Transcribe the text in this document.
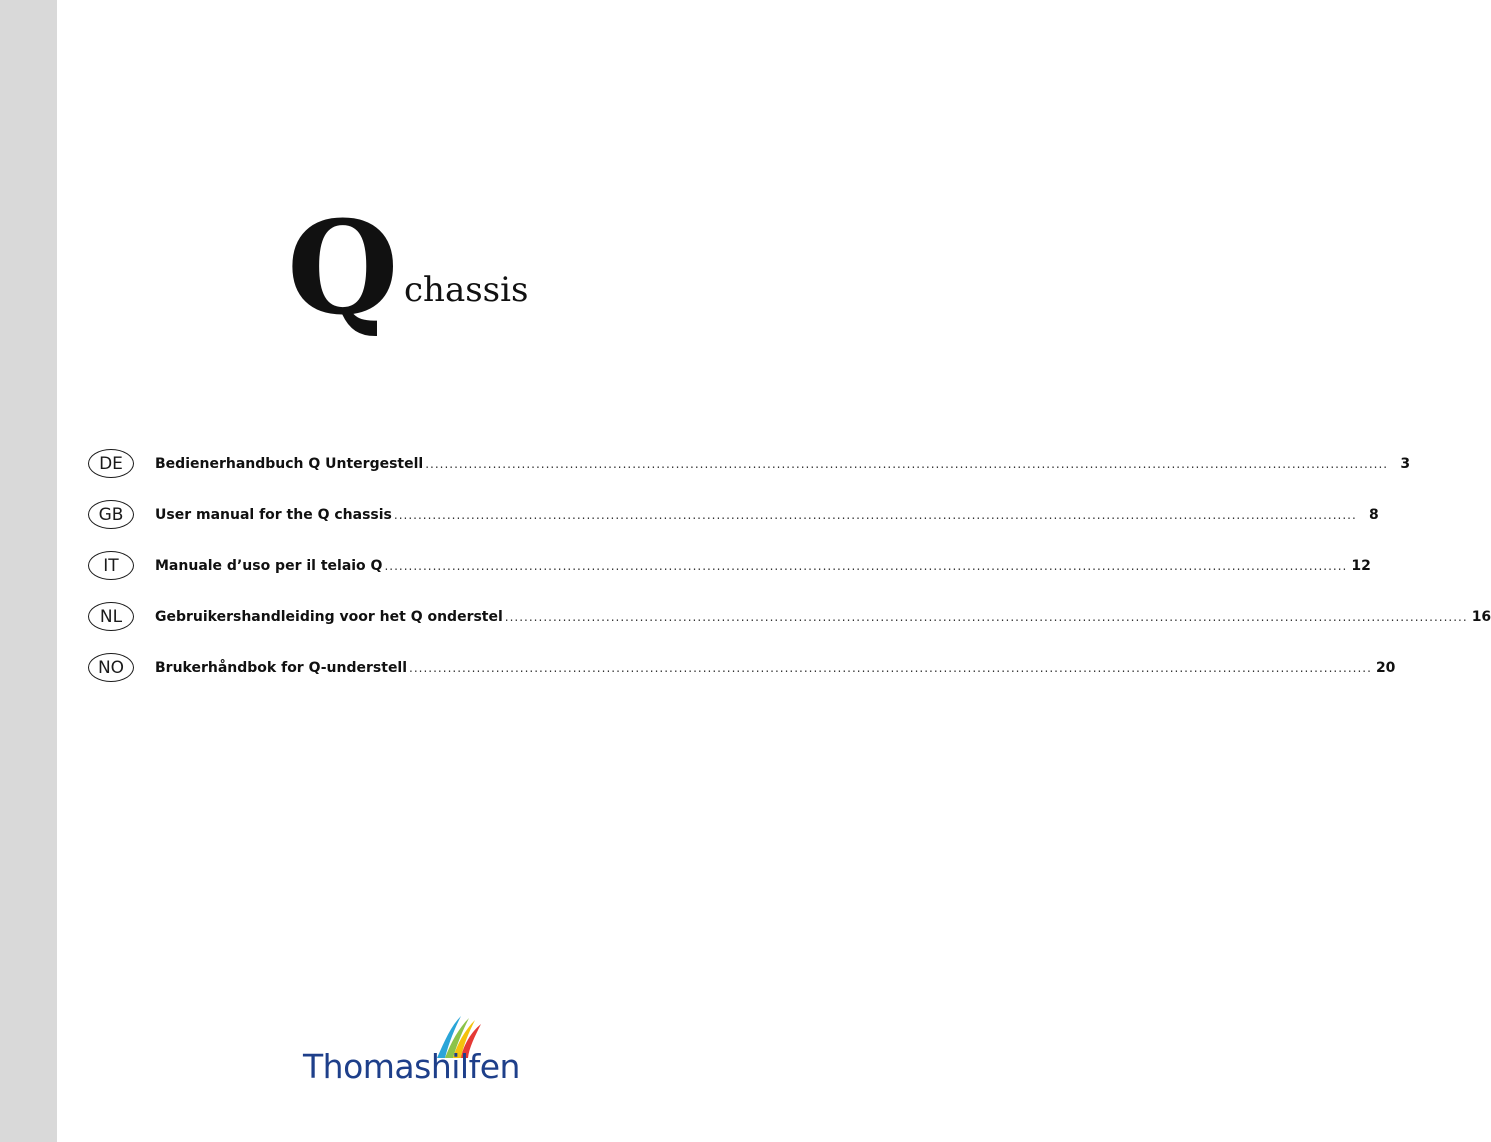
Q chassis
DE	Bedienerhandbuch Q Untergestell ........................................................................................................................................................................................................ 3
GB	User manual for the Q chassis ........................................................................................................................................................................................................ 8
IT	Manuale d’uso per il telaio Q ........................................................................................................................................................................................................ 12
NL	Gebruikershandleiding voor het Q onderstel ........................................................................................................................................................................................................ 16
NO	Brukerhåndbok for Q-understell ........................................................................................................................................................................................................ 20
Thomashilfen
